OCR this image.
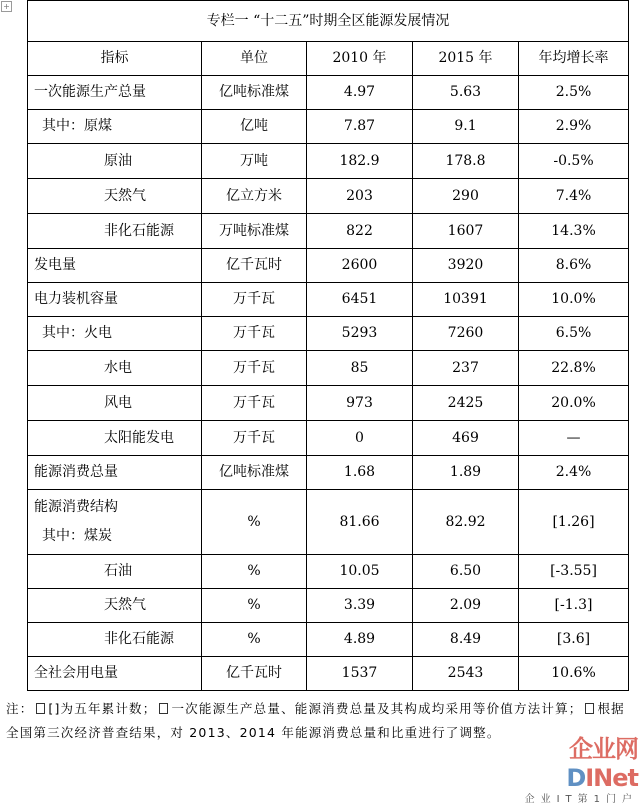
+
专栏一 “十二五”时期全区能源发展情况				
指标	单位	2010 年	2015 年	年均增长率
一次能源生产总量	亿吨标准煤	4.97	5.63	2.5%
其中：原煤	亿吨	7.87	9.1	2.9%
原油	万吨	182.9	178.8	-0.5%
天然气	亿立方米	203	290	7.4%
非化石能源	万吨标准煤	822	1607	14.3%
发电量	亿千瓦时	2600	3920	8.6%
电力装机容量	万千瓦	6451	10391	10.0%
其中：火电	万千瓦	5293	7260	6.5%
水电	万千瓦	85	237	22.8%
风电	万千瓦	973	2425	20.0%
太阳能发电	万千瓦	0	469	—
能源消费总量	亿吨标准煤	1.68	1.89	2.4%

能源消费结构
其中：煤炭	%	81.66	82.92	[1.26]
石油	%	10.05	6.50	[-3.55]
天然气	%	3.39	2.09	[-1.3]
非化石能源	%	4.89	8.49	[3.6]
全社会用电量	亿千瓦时	1537	2543	10.6%
注： []为五年累计数； 一次能源生产总量、能源消费总量及其构成均采用等价值方法计算； 根据全国第三次经济普查结果，对 2013、2014 年能源消费总量和比重进行了调整。
企业网DINet
企业IT第1门户
